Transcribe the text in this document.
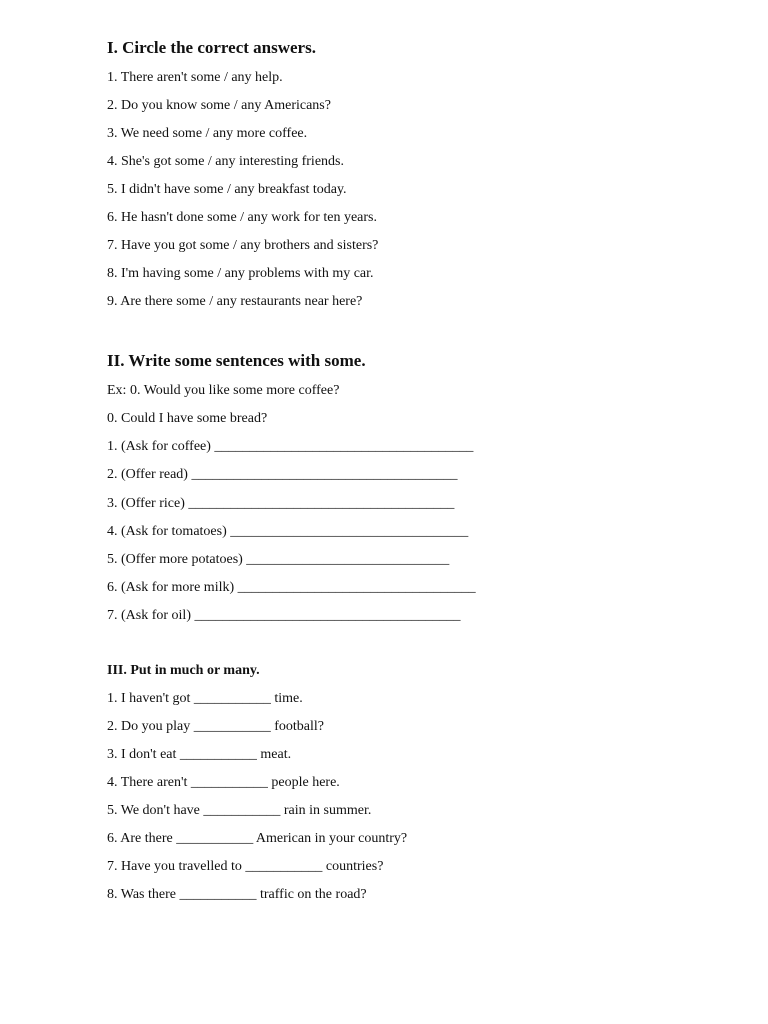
I. Circle the correct answers.
1. There aren't some / any help.
2. Do you know some / any Americans?
3. We need some / any more coffee.
4. She's got some / any interesting friends.
5. I didn't have some / any breakfast today.
6. He hasn't done some / any work for ten years.
7. Have you got some / any brothers and sisters?
8. I'm having some / any problems with my car.
9. Are there some / any restaurants near here?
II. Write some sentences with some.
Ex: 0. Would you like some more coffee?
0. Could I have some bread?
1. (Ask for coffee) _____________________________________
2. (Offer read) ______________________________________
3. (Offer rice) ______________________________________
4. (Ask for tomatoes) __________________________________
5. (Offer more potatoes) _____________________________
6. (Ask for more milk) __________________________________
7. (Ask for oil) ______________________________________
III. Put in much or many.
1. I haven't got ___________ time.
2. Do you play ___________ football?
3. I don't eat ___________ meat.
4. There aren't ___________ people here.
5. We don't have ___________ rain in summer.
6. Are there ___________ American in your country?
7. Have you travelled to ___________ countries?
8. Was there ___________ traffic on the road?
